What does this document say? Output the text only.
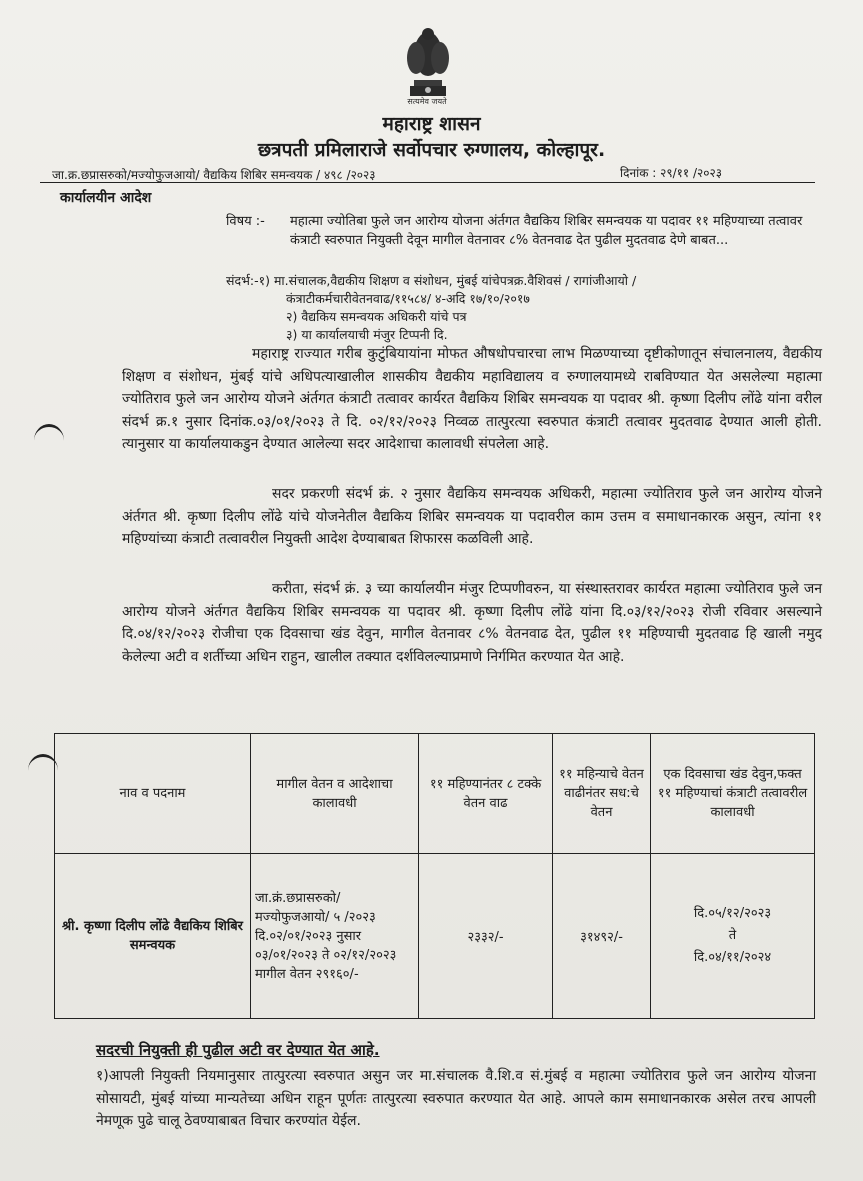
सत्यमेव जयते
महाराष्ट्र शासन
छत्रपती प्रमिलाराजे सर्वोपचार रुग्णालय, कोल्हापूर.
जा.क्र.छप्रासरुको/मज्योफुजआयो/ वैद्यकिय शिबिर समन्वयक / ४९८ /२०२३	दिनांक : २९/११ /२०२३
कार्यालयीन आदेश
विषय :- महात्मा ज्योतिबा फुले जन आरोग्य योजना अंर्तगत वैद्यकिय शिबिर समन्वयक या पदावर ११ महिण्याच्या तत्वावर कंत्राटी स्वरुपात नियुक्ती देवून मागील वेतनावर ८% वेतनवाढ देत पुढील मुदतवाढ देणे बाबत...
संदर्भ:-१) मा.संचालक,वैद्यकीय शिक्षण व संशोधन, मुंबई यांचेपत्रक्र.वैशिवसं / रागांजीआयो /
कंत्राटीकर्मचारीवेतनवाढ/११५८४/ ४-अदि १७/१०/२०१७
२) वैद्यकिय समन्वयक अधिकरी यांचे पत्र
३) या कार्यालयाची मंजुर टिप्पनी दि.
महाराष्ट्र राज्यात गरीब कुटुंबियायांना मोफत औषधोपचारचा लाभ मिळण्याच्या दृष्टीकोणातून संचालनालय, वैद्यकीय शिक्षण व संशोधन, मुंबई यांचे अधिपत्याखालील शासकीय वैद्यकीय महाविद्यालय व रुग्णालयामध्ये राबविण्यात येत असलेल्या महात्मा ज्योतिराव फुले जन आरोग्य योजने अंर्तगत कंत्राटी तत्वावर कार्यरत वैद्यकिय शिबिर समन्वयक या पदावर श्री. कृष्णा दिलीप लोंढे यांना वरील संदर्भ क्र.१ नुसार दिनांक.०३/०१/२०२३ ते दि. ०२/१२/२०२३ निव्वळ तात्पुरत्या स्वरुपात कंत्राटी तत्वावर मुदतवाढ देण्यात आली होती. त्यानुसार या कार्यालयाकडुन देण्यात आलेल्या सदर आदेशाचा कालावधी संपलेला आहे.
सदर प्रकरणी संदर्भ क्रं. २ नुसार वैद्यकिय समन्वयक अधिकरी, महात्मा ज्योतिराव फुले जन आरोग्य योजने अंर्तगत श्री. कृष्णा दिलीप लोंढे यांचे योजनेतील वैद्यकिय शिबिर समन्वयक या पदावरील काम उत्तम व समाधानकारक असुन, त्यांना ११ महिण्यांच्या कंत्राटी तत्वावरील नियुक्ती आदेश देण्याबाबत शिफारस कळविली आहे.
करीता, संदर्भ क्रं. ३ च्या कार्यालयीन मंजुर टिप्पणीवरुन, या संस्थास्तरावर कार्यरत महात्मा ज्योतिराव फुले जन आरोग्य योजने अंर्तगत वैद्यकिय शिबिर समन्वयक या पदावर श्री. कृष्णा दिलीप लोंढे यांना दि.०३/१२/२०२३ रोजी रविवार असल्याने दि.०४/१२/२०२३ रोजीचा एक दिवसाचा खंड देवुन, मागील वेतनावर ८% वेतनवाढ देत, पुढील ११ महिण्याची मुदतवाढ हि खाली नमुद केलेल्या अटी व शर्तीच्या अधिन राहुन, खालील तक्यात दर्शविलल्याप्रमाणे निर्गमित करण्यात येत आहे.
नाव व पदनाम	मागील वेतन व आदेशाचा कालावधी	११ महिण्यानंतर ८ टक्के वेतन वाढ	११ महिन्याचे वेतन वाढीनंतर सध:चे वेतन	एक दिवसाचा खंड देवुन,फक्त ११ महिण्याचां कंत्राटी तत्वावरील कालावधी
श्री. कृष्णा दिलीप लोंढे वैद्यकिय शिबिर समन्वयक	जा.क्रं.छप्रासरुको/ मज्योफुजआयो/ ५ /२०२३ दि.०२/०१/२०२३ नुसार ०३/०१/२०२३ ते ०२/१२/२०२३ मागील वेतन २९१६०/-	२३३२/-	३१४९२/-	दि.०५/१२/२०२३
ते
दि.०४/११/२०२४
सदरची नियुक्ती ही पुढील अटी वर देण्यात येत आहे.
१)आपली नियुक्ती नियमानुसार तात्पुरत्या स्वरुपात असुन जर मा.संचालक वै.शि.व सं.मुंबई व महात्मा ज्योतिराव फुले जन आरोग्य योजना सोसायटी, मुंबई यांच्या मान्यतेच्या अधिन राहून पूर्णतः तात्पुरत्या स्वरुपात करण्यात येत आहे. आपले काम समाधानकारक असेल तरच आपली नेमणूक पुढे चालू ठेवण्याबाबत विचार करण्यांत येईल.
